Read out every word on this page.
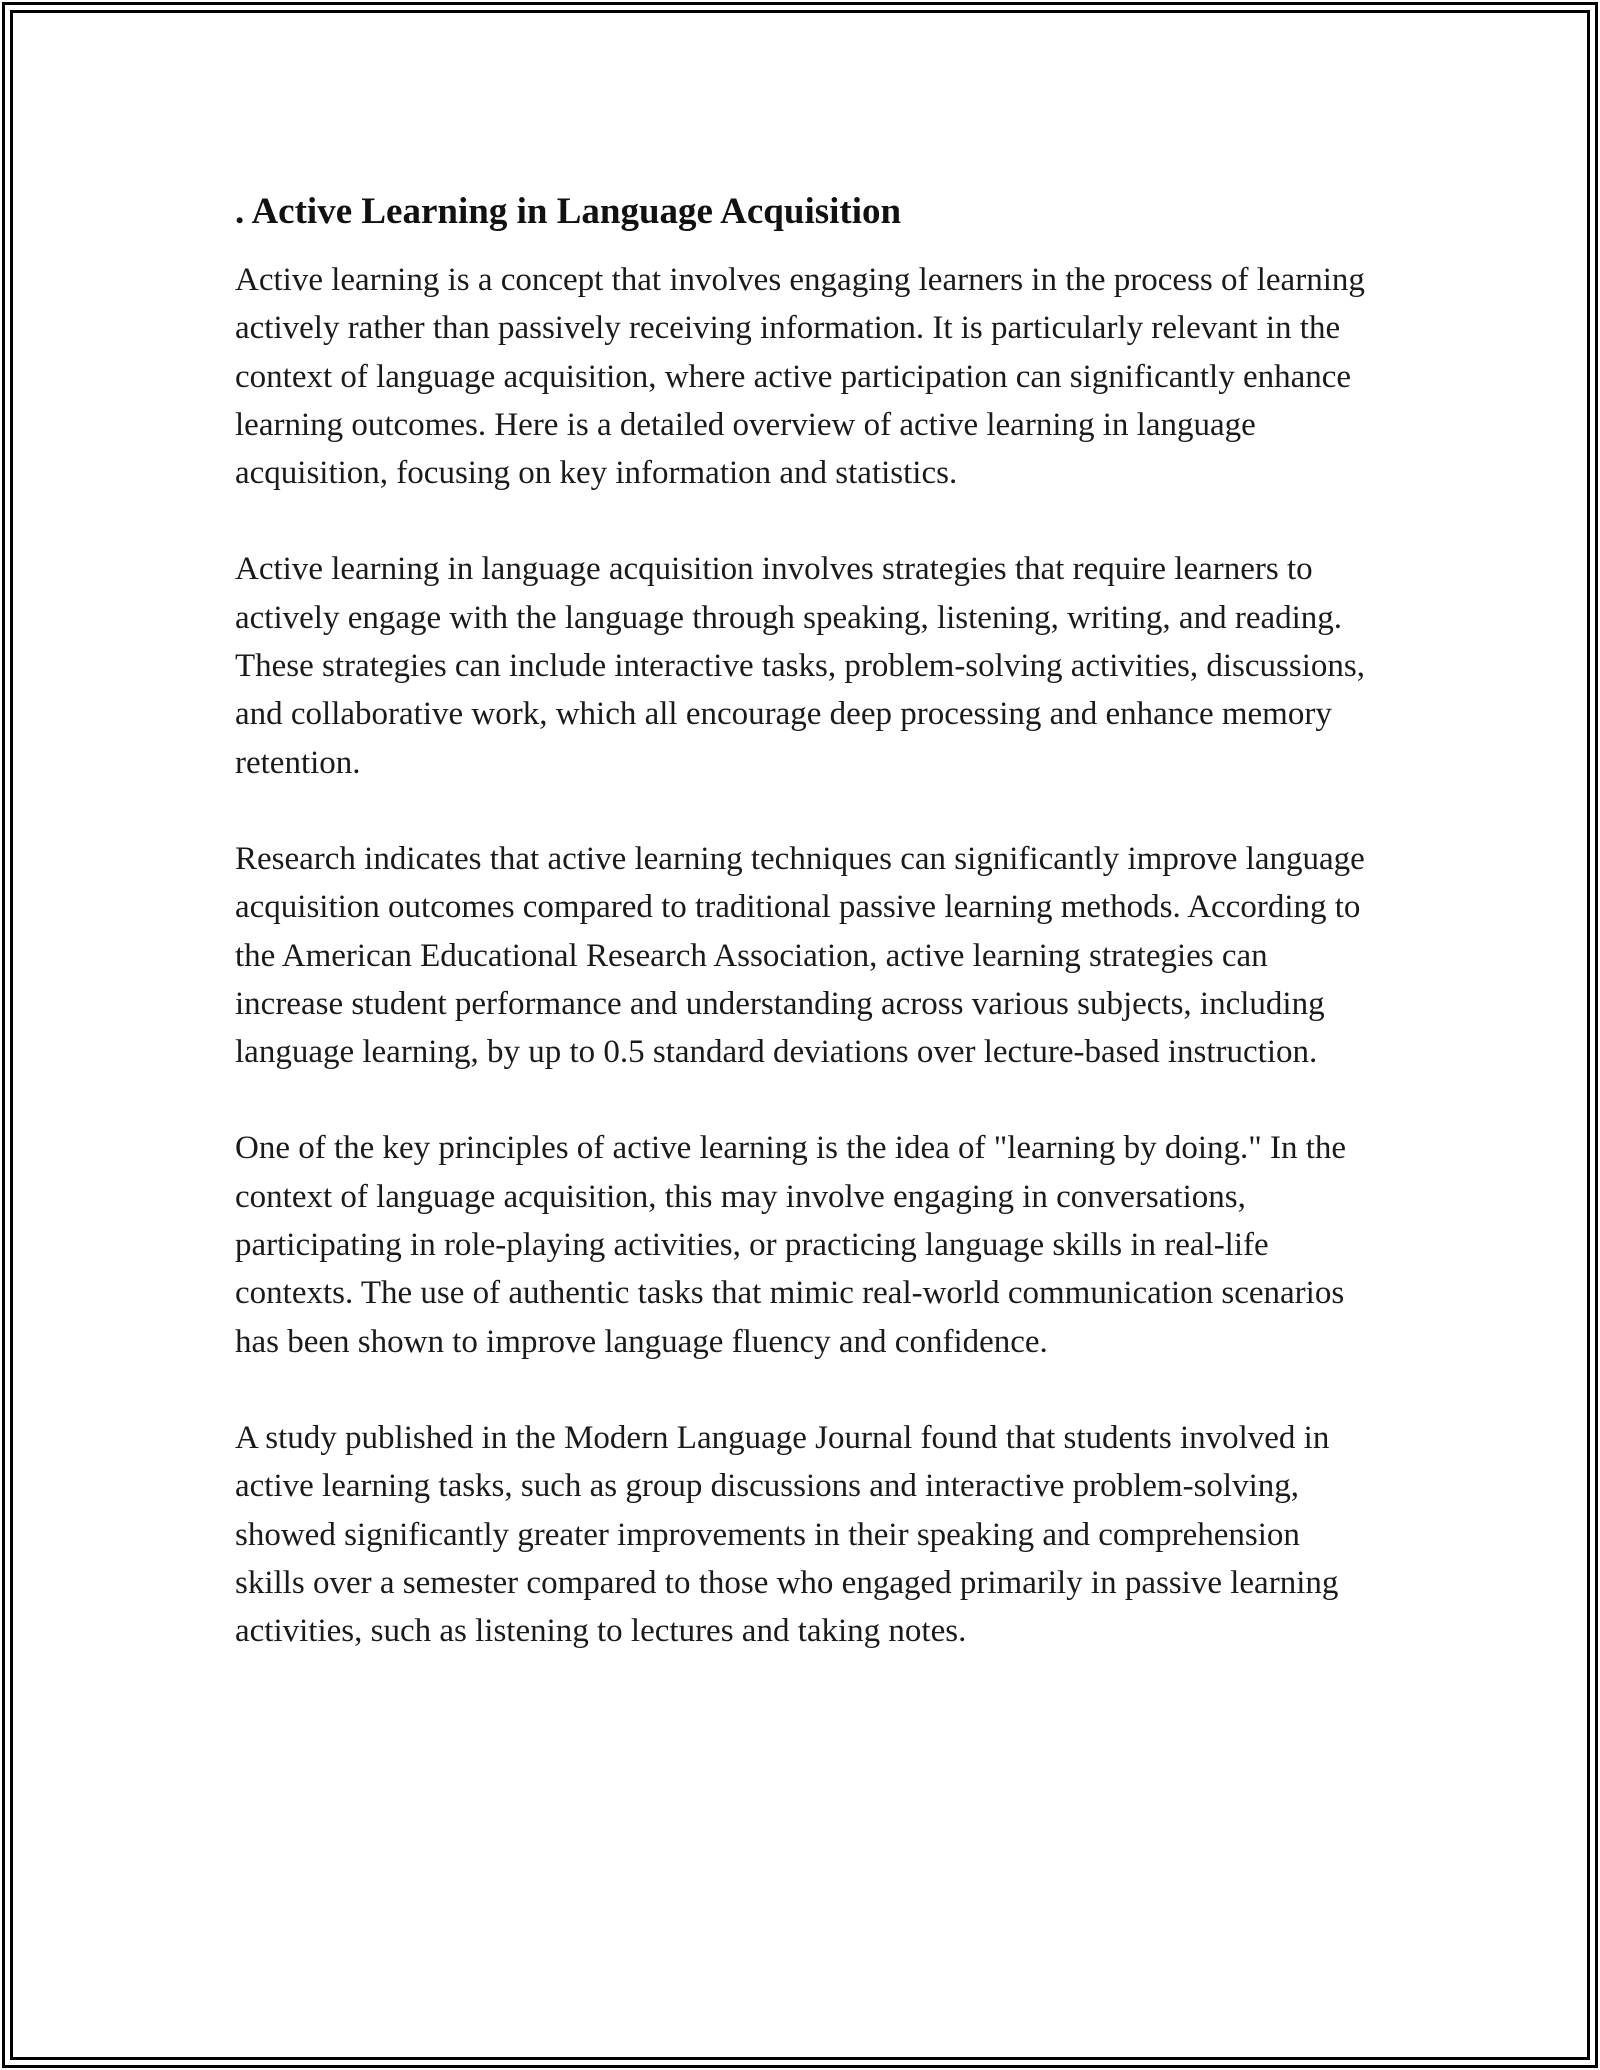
. Active Learning in Language Acquisition

Active learning is a concept that involves engaging learners in the process of learning actively rather than passively receiving information. It is particularly relevant in the context of language acquisition, where active participation can significantly enhance learning outcomes. Here is a detailed overview of active learning in language acquisition, focusing on key information and statistics.

Active learning in language acquisition involves strategies that require learners to actively engage with the language through speaking, listening, writing, and reading. These strategies can include interactive tasks, problem-solving activities, discussions, and collaborative work, which all encourage deep processing and enhance memory retention.

Research indicates that active learning techniques can significantly improve language acquisition outcomes compared to traditional passive learning methods. According to the American Educational Research Association, active learning strategies can increase student performance and understanding across various subjects, including language learning, by up to 0.5 standard deviations over lecture-based instruction.

One of the key principles of active learning is the idea of "learning by doing." In the context of language acquisition, this may involve engaging in conversations, participating in role-playing activities, or practicing language skills in real-life contexts. The use of authentic tasks that mimic real-world communication scenarios has been shown to improve language fluency and confidence.

A study published in the Modern Language Journal found that students involved in active learning tasks, such as group discussions and interactive problem-solving, showed significantly greater improvements in their speaking and comprehension skills over a semester compared to those who engaged primarily in passive learning activities, such as listening to lectures and taking notes.
